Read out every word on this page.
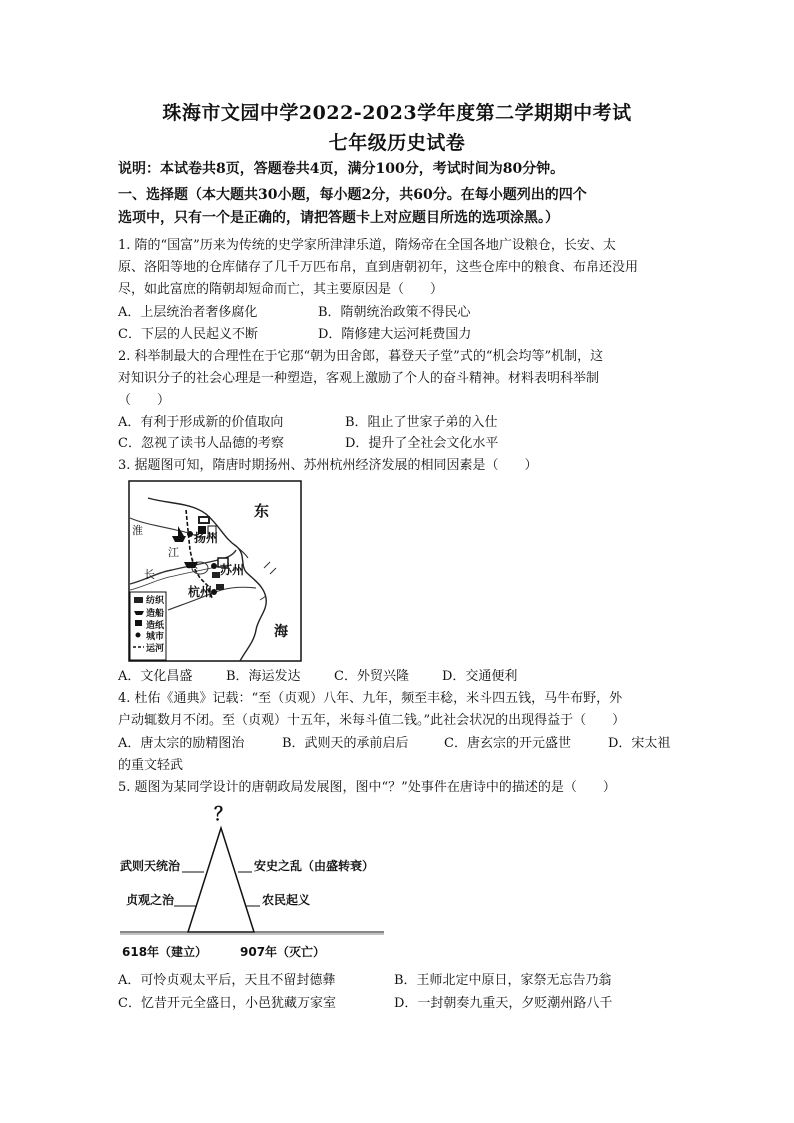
珠海市文园中学2022-2023学年度第二学期期中考试
七年级历史试卷
说明：本试卷共8页，答题卷共4页，满分100分，考试时间为80分钟。
一、选择题（本大题共30小题，每小题2分，共60分。在每小题列出的四个
选项中，只有一个是正确的，请把答题卡上对应题目所选的选项涂黑。）
1. 隋的“国富”历来为传统的史学家所津津乐道，隋炀帝在全国各地广设粮仓，长安、太
原、洛阳等地的仓库储存了几千万匹布帛，直到唐朝初年，这些仓库中的粮食、布帛还没用
尽，如此富庶的隋朝却短命而亡，其主要原因是（　　）
A．上层统治者奢侈腐化	B．隋朝统治政策不得民心
C．下层的人民起义不断	D．隋修建大运河耗费国力
2. 科举制最大的合理性在于它那“朝为田舍郎，暮登天子堂”式的“机会均等”机制，这
对知识分子的社会心理是一种塑造，客观上激励了个人的奋斗精神。材料表明科举制
（　　）
A．有利于形成新的价值取向	B．阻止了世家子弟的入仕
C．忽视了读书人品德的考察	D．提升了全社会文化水平
3. 据题图可知，隋唐时期扬州、苏州杭州经济发展的相同因素是（　　）
东
海
淮
江
长
扬州
苏州
杭州
太
纺织
造船
造纸
城市
运河
A．文化昌盛	B．海运发达	C．外贸兴隆	D．交通便利
4. 杜佑《通典》记载：“至（贞观）八年、九年，频至丰稔，米斗四五钱，马牛布野，外
户动辄数月不闭。至（贞观）十五年，米每斗值二钱。”此社会状况的出现得益于（　　）
A．唐太宗的励精图治	B．武则天的承前启后	C．唐玄宗的开元盛世	D．宋太祖
的重文轻武
5. 题图为某同学设计的唐朝政局发展图，图中“？”处事件在唐诗中的描述的是（　　）
？
武则天统治
贞观之治
安史之乱（由盛转衰）
农民起义
618年（建立）	907年（灭亡）
A．可怜贞观太平后，天且不留封德彝	B．王师北定中原日，家祭无忘告乃翁
C．忆昔开元全盛日，小邑犹藏万家室	D．一封朝奏九重天，夕贬潮州路八千
